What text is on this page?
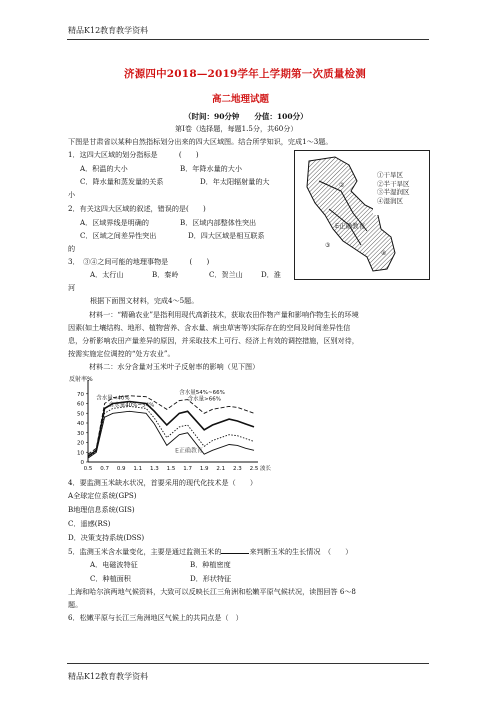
精品K12教育教学资料
济源四中2018—2019学年上学期第一次质量检测
高二地理试题
（时间：90分钟　　分值：100分）
第Ⅰ卷（选择题，每题1.5分，共60分）
下图是甘肃省以某种自然指标划分出来的四大区域图。结合所学知识，完成1～3题。
1．这四大区域的划分指标是　　　(　　)
A．积温的大小	B．年降水量的大小
C．降水量和蒸发量的关系	D．年太阳辐射量的大
小
2．有关这四大区域的叙述，错误的是(　　)
A．区域界线是明确的	B．区域内部整体性突出
C．区域之间差异性突出	D．四大区域是相互联系
的
3．　③④之间可能的地理事物是　　　(　　)
A．太行山	B．秦岭	C．贺兰山	D．淮
河
③
②
④
①干旱区
②半干旱区
③半湿润区
④湿润区
E正确教育
根据下面图文材料，完成4～5题。
材料一：“精确农业”是指利用现代高新技术，获取农田作物产量和影响作物生长的环境
因素(如土壤结构、地形、植物营养、含水量、病虫草害等)实际存在的空间及时间差异性信
息，分析影响农田产量差异的原因，并采取技术上可行、经济上有效的调控措施，区别对待，
按需实施定位调控的“处方农业”。
材料二：水分含量对玉米叶子反射率的影响（见下图）
反射率%
70
60
50
40
30
20
10
0
0.5 0.7 0.9 1.1 1.3 1.5 1.7 1.9 2.1 2.3 2.5 波长
含水量<40%
含水量40%~54%
含水量54%~66%
含水量>66%
E正确教育
4．要监测玉米缺水状况，首要采用的现代化技术是（　　）
A全球定位系统(GPS)
B地理信息系统(GIS)
C．遥感(RS)
D．决策支持系统(DSS)
5．监测玉米含水量变化，主要是通过监测玉米的	来判断玉米的生长情况　（　　）
A．电磁波特征	B．种植密度
C．种植面积	D．形状特征
上海和哈尔滨两地气候资料，大致可以反映长江三角洲和松嫩平原气候状况，读图回答 6～8
题。
6．松嫩平原与长江三角洲地区气候上的共同点是（　）
精品K12教育教学资料
